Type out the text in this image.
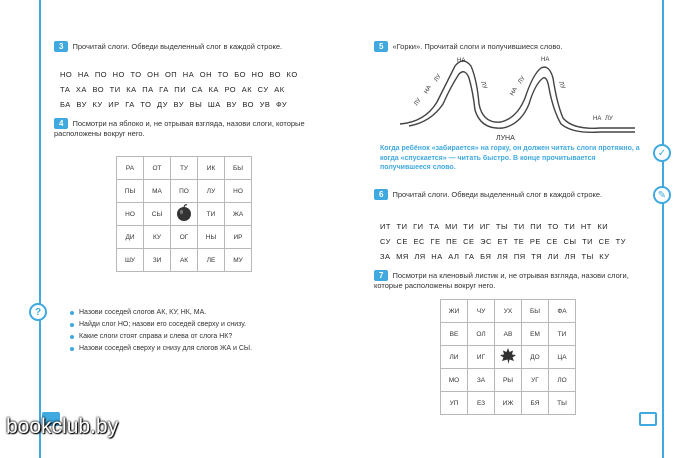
3 Прочитай слоги. Обведи выделенный слог в каждой строке.
НО НА ПО НО ТО ОН ОП НА ОН ТО БО НО ВО КО
ТА ХА ВО ТИ КА ПА ГА ПИ СА КА РО АК СУ АК
БА ВУ КУ ИР ГА ТО ДУ ВУ ВЫ ША ВУ ВО УВ ФУ
4 Посмотри на яблоко и, не отрывая взгляда, назови слоги, которые расположены вокруг него.
РА	ОТ	ТУ	ИК	БЫ
ПЫ	МА	ПО	ЛУ	НО
НО	СЫ		ТИ	ЖА
ДИ	КУ	ОГ	НЫ	ИР
ШУ	ЗИ	АК	ЛЕ	МУ
?	Назови соседей слогов АК, КУ, НК, МА.
Найди слог НО; назови его соседей сверху и снизу.
Какие слоги стоят справа и слева от слога НК?
Назови соседей сверху и снизу для слогов ЖА и СЫ.
bookclub.by
5 «Горки». Прочитай слоги и получившиеся слово.
ЛУ
НА
ЛУ
НА
ЛУ
НА
ЛУ
НА
ЛУ
НА ЛУ
ЛУНА
Когда ребёнок «забирается» на горку, он должен читать слоги протяжно, а когда «спускается» — читать быстро. В конце прочитывается получившееся слово.
✓
✎
6 Прочитай слоги. Обведи выделенный слог в каждой строке.
ИТ ТИ ГИ ТА МИ ТИ ИГ ТЫ ТИ ПИ ТО ТИ НТ КИ
СУ СЕ ЕС ГЕ ПЕ СЕ ЭС ЕТ ТЕ РЕ СЕ СЫ ТИ СЕ ТУ
ЗА МЯ ЛЯ НА АЛ ГА БЯ ЛЯ ПЯ ТЯ ЛИ ЛЯ ТЫ КУ
7 Посмотри на кленовый листик и, не отрывая взгляда, назови слоги, которые расположены вокруг него.
ЖИ	ЧУ	УХ	БЫ	ФА
ВЕ	ОЛ	АВ	ЕМ	ТИ
ЛИ	ИГ		ДО	ЦА
МО	ЗА	РЫ	УГ	ЛО
УП	ЕЗ	ИЖ	БЯ	ТЫ
